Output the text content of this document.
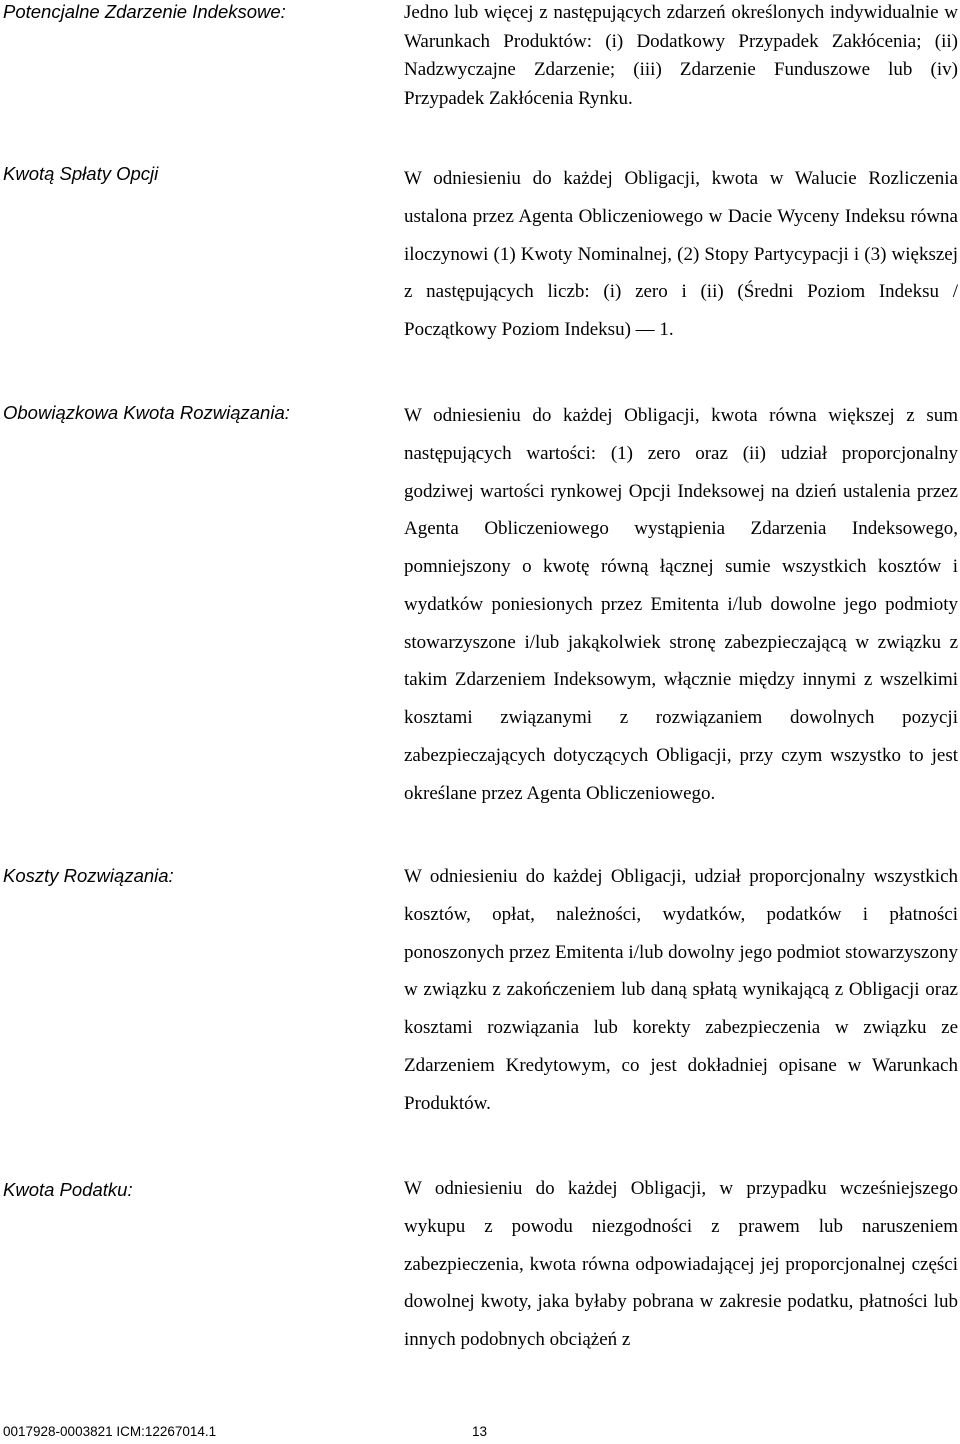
Potencjalne Zdarzenie Indeksowe:	Jedno lub więcej z następujących zdarzeń określonych indywidualnie w Warunkach Produktów: (i) Dodatkowy Przypadek Zakłócenia; (ii) Nadzwyczajne Zdarzenie; (iii) Zdarzenie Funduszowe lub (iv) Przypadek Zakłócenia Rynku.
Kwotą Spłaty Opcji	W odniesieniu do każdej Obligacji, kwota w Walucie Rozliczenia ustalona przez Agenta Obliczeniowego w Dacie Wyceny Indeksu równa iloczynowi (1) Kwoty Nominalnej, (2) Stopy Partycypacji i (3) większej z następujących liczb: (i) zero i (ii) (Średni Poziom Indeksu / Początkowy Poziom Indeksu) — 1.
Obowiązkowa Kwota Rozwiązania:	W odniesieniu do każdej Obligacji, kwota równa większej z sum następujących wartości: (1) zero oraz (ii) udział proporcjonalny godziwej wartości rynkowej Opcji Indeksowej na dzień ustalenia przez Agenta Obliczeniowego wystąpienia Zdarzenia Indeksowego, pomniejszony o kwotę równą łącznej sumie wszystkich kosztów i wydatków poniesionych przez Emitenta i/lub dowolne jego podmioty stowarzyszone i/lub jakąkolwiek stronę zabezpieczającą w związku z takim Zdarzeniem Indeksowym, włącznie między innymi z wszelkimi kosztami związanymi z rozwiązaniem dowolnych pozycji zabezpieczających dotyczących Obligacji, przy czym wszystko to jest określane przez Agenta Obliczeniowego.
Koszty Rozwiązania:	W odniesieniu do każdej Obligacji, udział proporcjonalny wszystkich kosztów, opłat, należności, wydatków, podatków i płatności ponoszonych przez Emitenta i/lub dowolny jego podmiot stowarzyszony w związku z zakończeniem lub daną spłatą wynikającą z Obligacji oraz kosztami rozwiązania lub korekty zabezpieczenia w związku ze Zdarzeniem Kredytowym, co jest dokładniej opisane w Warunkach Produktów.
Kwota Podatku:	W odniesieniu do każdej Obligacji, w przypadku wcześniejszego wykupu z powodu niezgodności z prawem lub naruszeniem zabezpieczenia, kwota równa odpowiadającej jej proporcjonalnej części dowolnej kwoty, jaka byłaby pobrana w zakresie podatku, płatności lub innych podobnych obciążeń z
0017928-0003821 ICM:12267014.1	13
